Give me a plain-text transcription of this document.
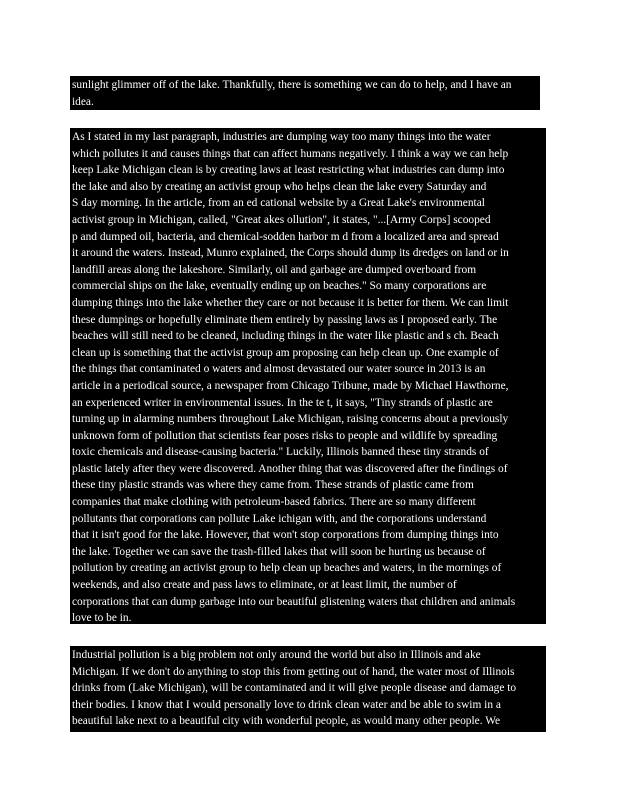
sunlight glimmer off of the lake. Thankfully, there is something we can do to help, and I have an
idea.
As I stated in my last paragraph, industries are dumping way too many things into the water
which pollutes it and causes things that can affect humans negatively. I think a way we can help
keep Lake Michigan clean is by creating laws at least restricting what industries can dump into
the lake and also by creating an activist group who helps clean the lake every Saturday and
S day morning. In the article, from an ed cational website by a Great Lake's environmental
activist group in Michigan, called, "Great akes ollution", it states, "...[Army Corps] scooped
p and dumped oil, bacteria, and chemical-sodden harbor m d from a localized area and spread
it around the waters. Instead, Munro explained, the Corps should dump its dredges on land or in
landfill areas along the lakeshore. Similarly, oil and garbage are dumped overboard from
commercial ships on the lake, eventually ending up on beaches." So many corporations are
dumping things into the lake whether they care or not because it is better for them. We can limit
these dumpings or hopefully eliminate them entirely by passing laws as I proposed early. The
beaches will still need to be cleaned, including things in the water like plastic and s ch. Beach
clean up is something that the activist group am proposing can help clean up. One example of
the things that contaminated o waters and almost devastated our water source in 2013 is an
article in a periodical source, a newspaper from Chicago Tribune, made by Michael Hawthorne,
an experienced writer in environmental issues. In the te t, it says, "Tiny strands of plastic are
turning up in alarming numbers throughout Lake Michigan, raising concerns about a previously
unknown form of pollution that scientists fear poses risks to people and wildlife by spreading
toxic chemicals and disease-causing bacteria." Luckily, Illinois banned these tiny strands of
plastic lately after they were discovered. Another thing that was discovered after the findings of
these tiny plastic strands was where they came from. These strands of plastic came from
companies that make clothing with petroleum-based fabrics. There are so many different
pollutants that corporations can pollute Lake ichigan with, and the corporations understand
that it isn't good for the lake. However, that won't stop corporations from dumping things into
the lake. Together we can save the trash-filled lakes that will soon be hurting us because of
pollution by creating an activist group to help clean up beaches and waters, in the mornings of
weekends, and also create and pass laws to eliminate, or at least limit, the number of
corporations that can dump garbage into our beautiful glistening waters that children and animals
love to be in.
Industrial pollution is a big problem not only around the world but also in Illinois and ake
Michigan. If we don't do anything to stop this from getting out of hand, the water most of Illinois
drinks from (Lake Michigan), will be contaminated and it will give people disease and damage to
their bodies. I know that I would personally love to drink clean water and be able to swim in a
beautiful lake next to a beautiful city with wonderful people, as would many other people. We
